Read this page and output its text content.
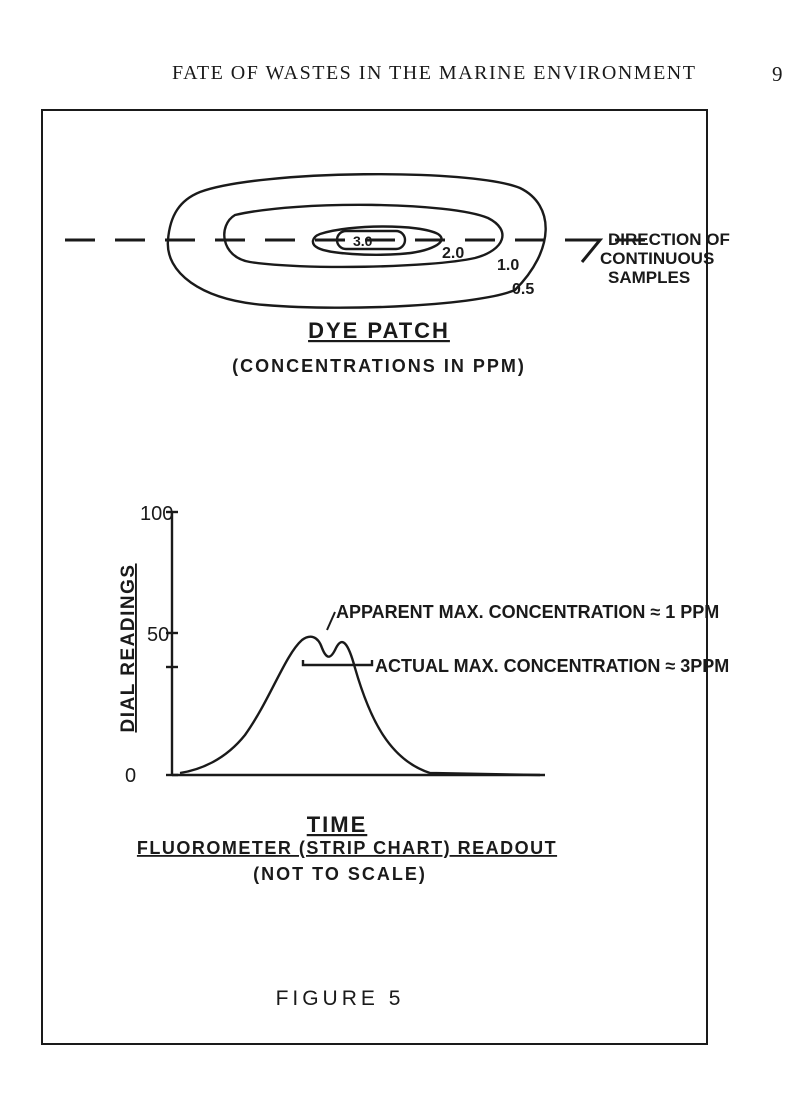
FATE OF WASTES IN THE MARINE ENVIRONMENT	9
3.0
2.0
1.0
0.5
DIRECTION OF
CONTINUOUS
SAMPLES
DYE PATCH
(CONCENTRATIONS IN PPM)
100
50
0
DIAL READINGS	APPARENT MAX. CONCENTRATION ≈ 1 PPM
ACTUAL MAX. CONCENTRATION ≈ 3PPM
TIME
FLUOROMETER (STRIP CHART) READOUT
(NOT TO SCALE)
FIGURE 5
